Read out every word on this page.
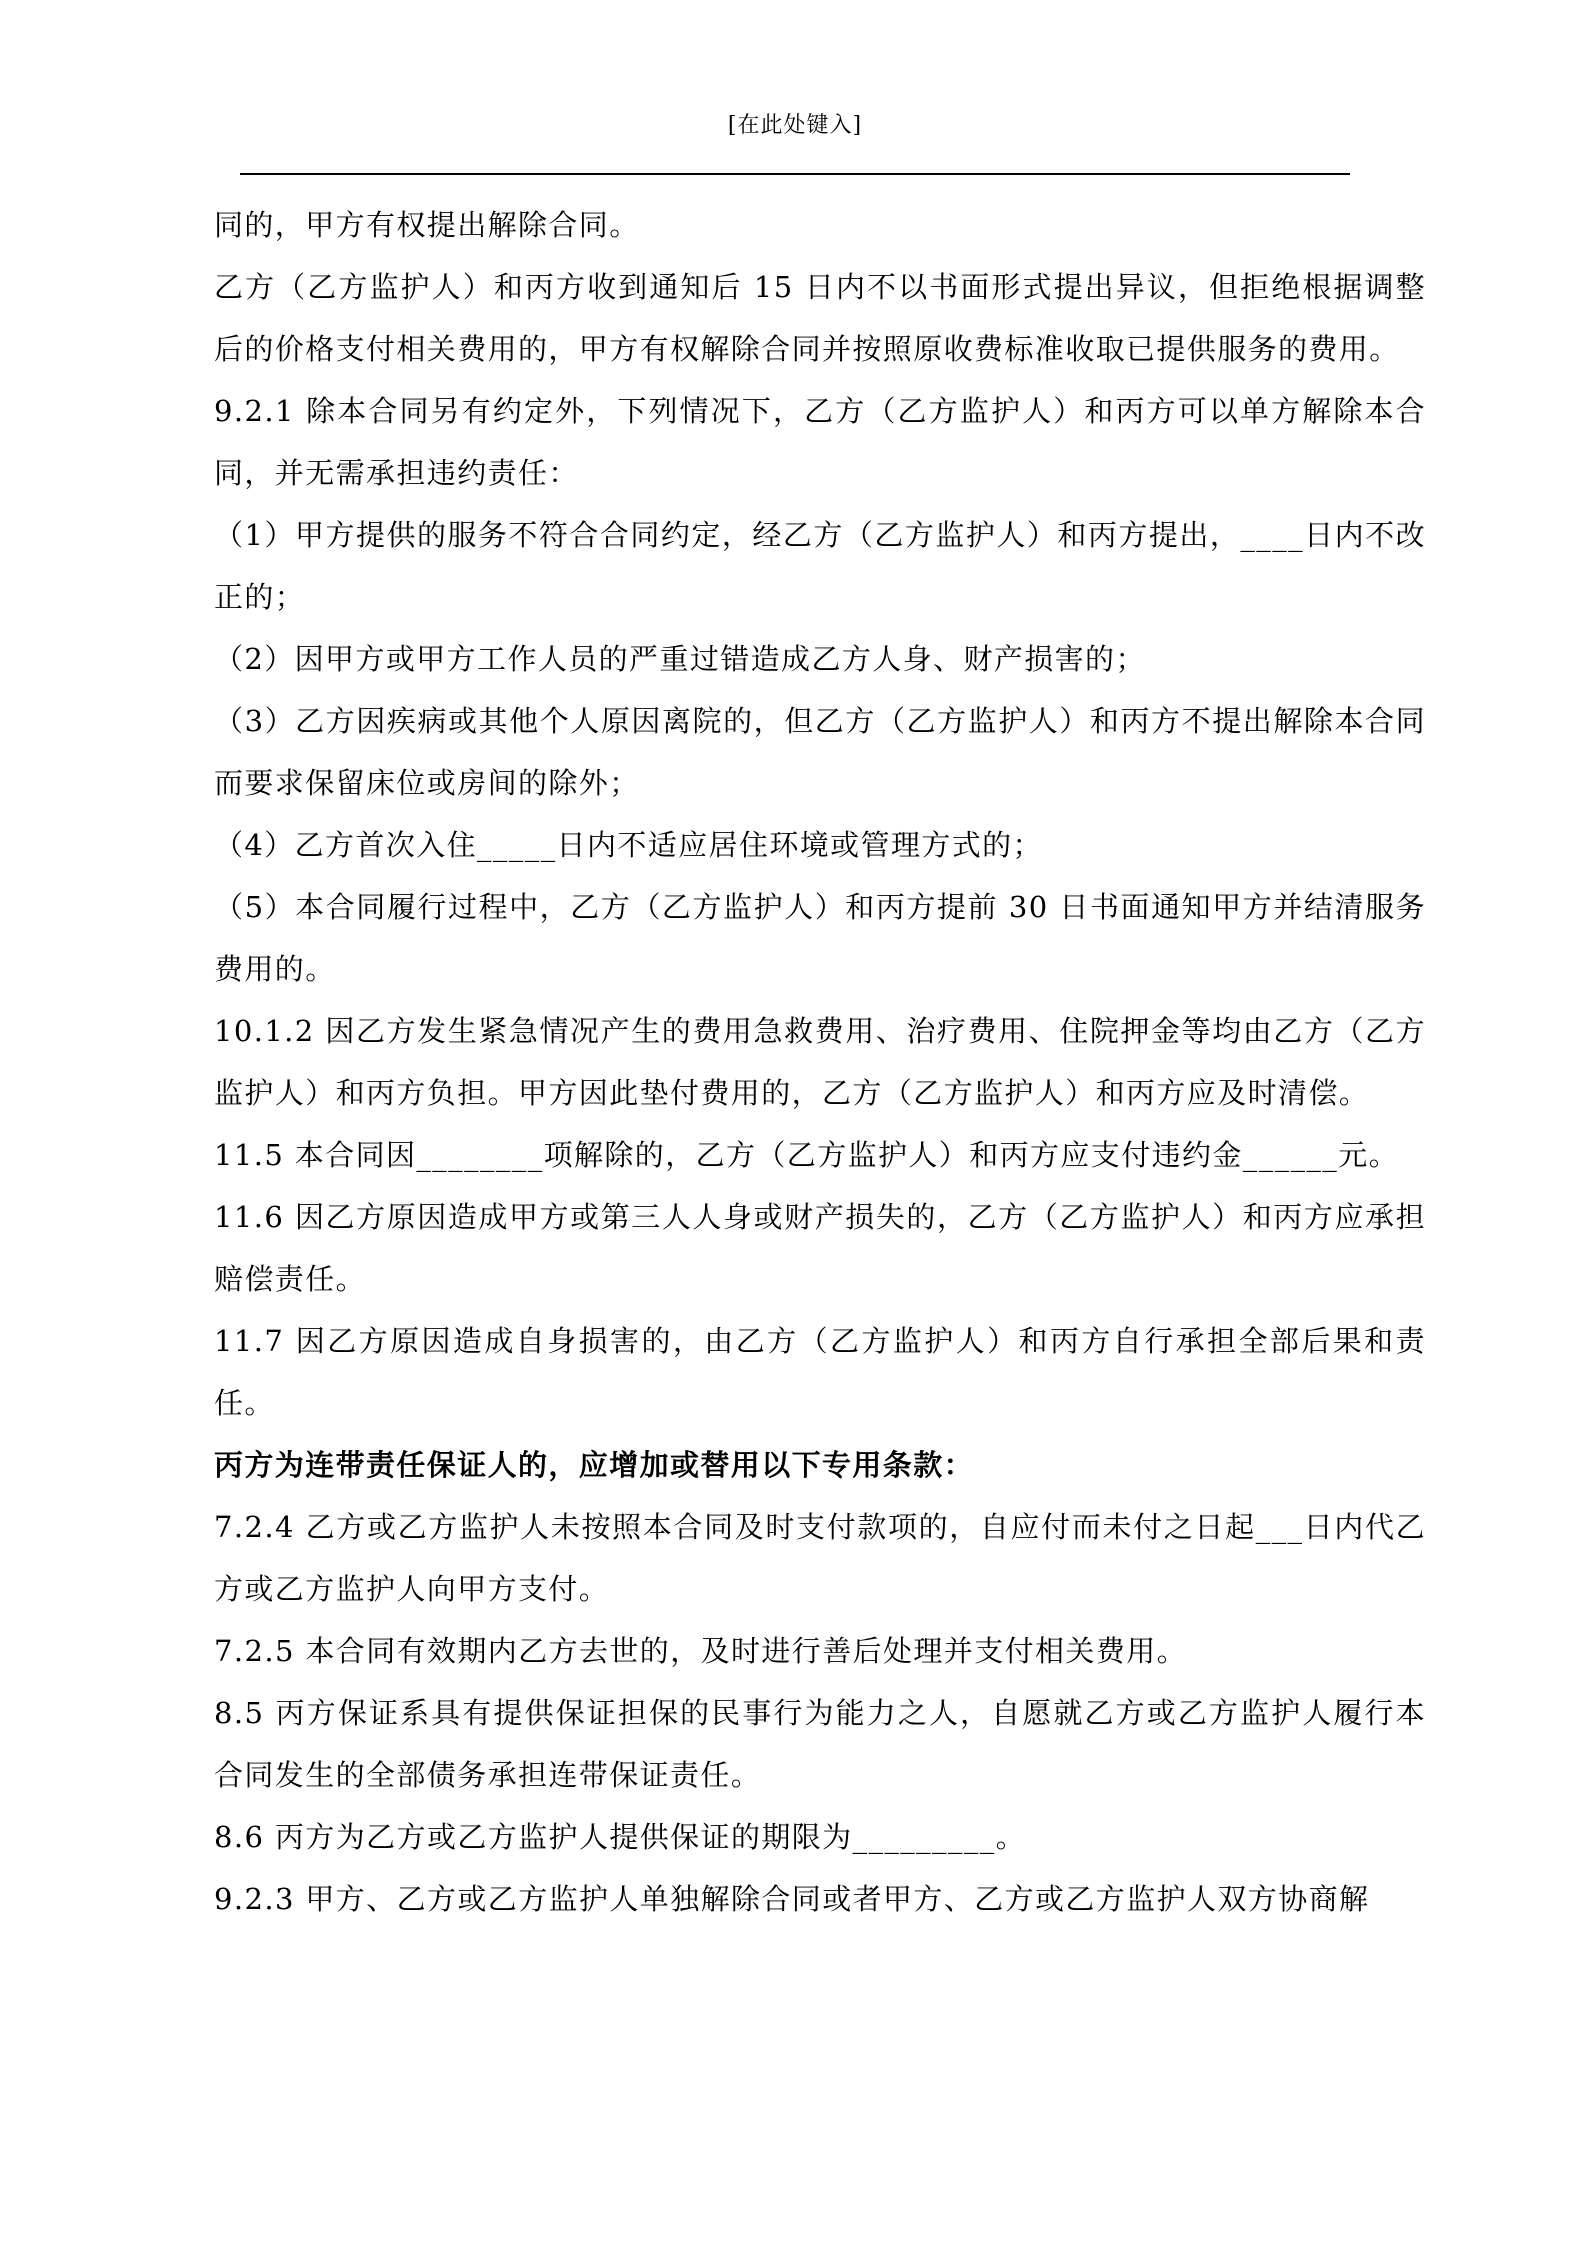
[在此处键入]

同的，甲方有权提出解除合同。

乙方（乙方监护人）和丙方收到通知后 15 日内不以书面形式提出异议，但拒绝根据调整后的价格支付相关费用的，甲方有权解除合同并按照原收费标准收取已提供服务的费用。

9.2.1 除本合同另有约定外，下列情况下，乙方（乙方监护人）和丙方可以单方解除本合同，并无需承担违约责任：

（1）甲方提供的服务不符合合同约定，经乙方（乙方监护人）和丙方提出，____日内不改正的；

（2）因甲方或甲方工作人员的严重过错造成乙方人身、财产损害的；

（3）乙方因疾病或其他个人原因离院的，但乙方（乙方监护人）和丙方不提出解除本合同而要求保留床位或房间的除外；

（4）乙方首次入住_____日内不适应居住环境或管理方式的；

（5）本合同履行过程中，乙方（乙方监护人）和丙方提前 30 日书面通知甲方并结清服务费用的。

10.1.2 因乙方发生紧急情况产生的费用急救费用、治疗费用、住院押金等均由乙方（乙方监护人）和丙方负担。甲方因此垫付费用的，乙方（乙方监护人）和丙方应及时清偿。

11.5 本合同因________项解除的，乙方（乙方监护人）和丙方应支付违约金______元。

11.6 因乙方原因造成甲方或第三人人身或财产损失的，乙方（乙方监护人）和丙方应承担赔偿责任。

11.7 因乙方原因造成自身损害的，由乙方（乙方监护人）和丙方自行承担全部后果和责任。

丙方为连带责任保证人的，应增加或替用以下专用条款：

7.2.4 乙方或乙方监护人未按照本合同及时支付款项的，自应付而未付之日起___日内代乙方或乙方监护人向甲方支付。

7.2.5 本合同有效期内乙方去世的，及时进行善后处理并支付相关费用。

8.5 丙方保证系具有提供保证担保的民事行为能力之人，自愿就乙方或乙方监护人履行本合同发生的全部债务承担连带保证责任。

8.6 丙方为乙方或乙方监护人提供保证的期限为_________。

9.2.3 甲方、乙方或乙方监护人单独解除合同或者甲方、乙方或乙方监护人双方协商解
